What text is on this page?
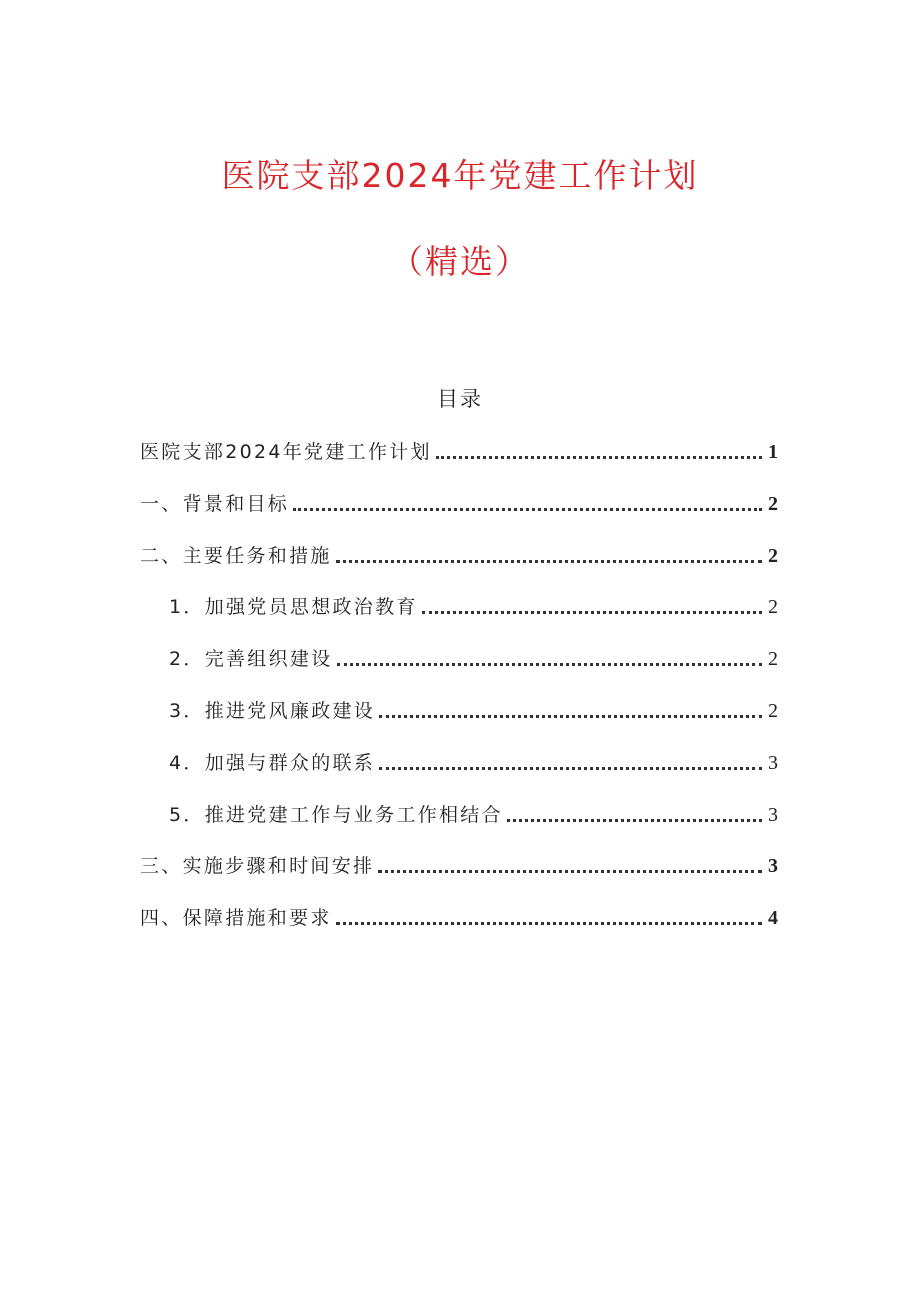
医院支部2024年党建工作计划
（精选）
目录
医院支部2024年党建工作计划	1
一、背景和目标	2
二、主要任务和措施	2
1．加强党员思想政治教育	2
2．完善组织建设	2
3．推进党风廉政建设	2
4．加强与群众的联系	3
5．推进党建工作与业务工作相结合	3
三、实施步骤和时间安排	3
四、保障措施和要求	4
